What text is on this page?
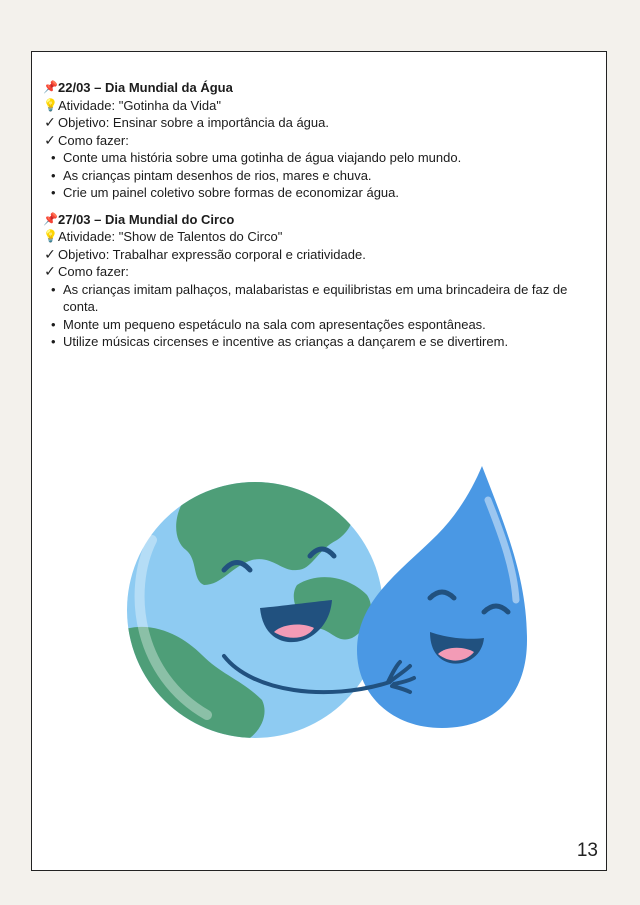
📌 22/03 – Dia Mundial da Água
💡 Atividade: "Gotinha da Vida"
✓ Objetivo: Ensinar sobre a importância da água.
✓ Como fazer:
• Conte uma história sobre uma gotinha de água viajando pelo mundo.
• As crianças pintam desenhos de rios, mares e chuva.
• Crie um painel coletivo sobre formas de economizar água.
📌 27/03 – Dia Mundial do Circo
💡 Atividade: "Show de Talentos do Circo"
✓ Objetivo: Trabalhar expressão corporal e criatividade.
✓ Como fazer:
• As crianças imitam palhaços, malabaristas e equilibristas em uma brincadeira de faz de conta.
• Monte um pequeno espetáculo na sala com apresentações espontâneas.
• Utilize músicas circenses e incentive as crianças a dançarem e se divertirem.
13
